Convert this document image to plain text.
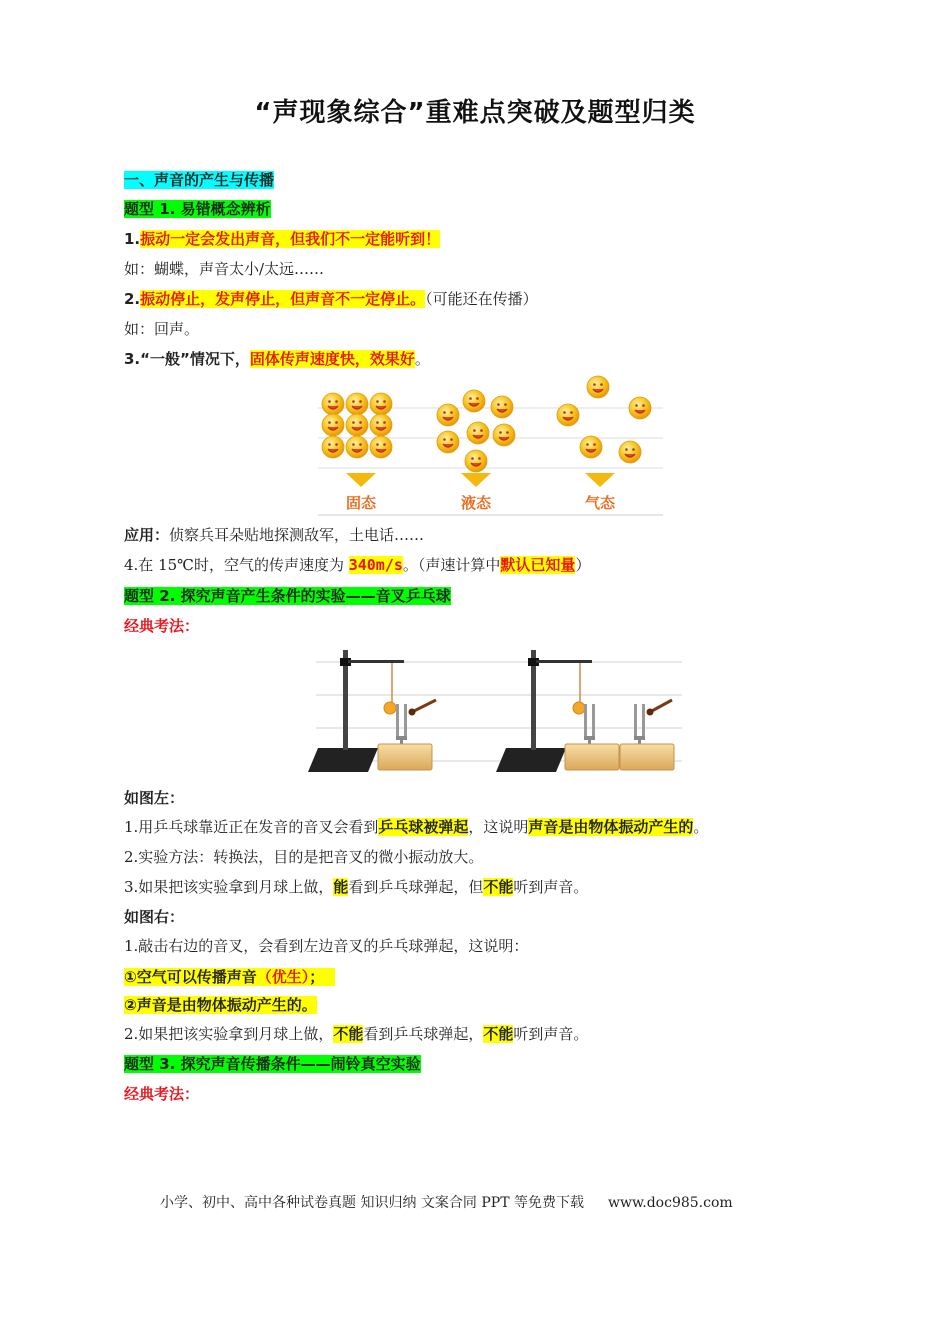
“声现象综合”重难点突破及题型归类
一、声音的产生与传播
题型 1. 易错概念辨析
1.振动一定会发出声音，但我们不一定能听到！
如：蝴蝶，声音太小/太远……
2.振动停止，发声停止，但声音不一定停止。（可能还在传播）
如：回声。
3.“一般”情况下，固体传声速度快，效果好。
固态	液态	气态
应用：侦察兵耳朵贴地探测敌军，土电话……
4.在 15℃时，空气的传声速度为 340m/s。（声速计算中默认已知量）
题型 2. 探究声音产生条件的实验——音叉乒乓球
经典考法：
如图左：
1.用乒乓球靠近正在发音的音叉会看到乒乓球被弹起，这说明声音是由物体振动产生的。
2.实验方法：转换法，目的是把音叉的微小振动放大。
3.如果把该实验拿到月球上做，能看到乒乓球弹起，但不能听到声音。
如图右：
1.敲击右边的音叉，会看到左边音叉的乒乓球弹起，这说明：
①空气可以传播声音（优生）；
②声音是由物体振动产生的。
2.如果把该实验拿到月球上做，不能看到乒乓球弹起，不能听到声音。
题型 3. 探究声音传播条件——闹铃真空实验
经典考法：
小学、初中、高中各种试卷真题 知识归纳 文案合同 PPT 等免费下载 www.doc985.com
